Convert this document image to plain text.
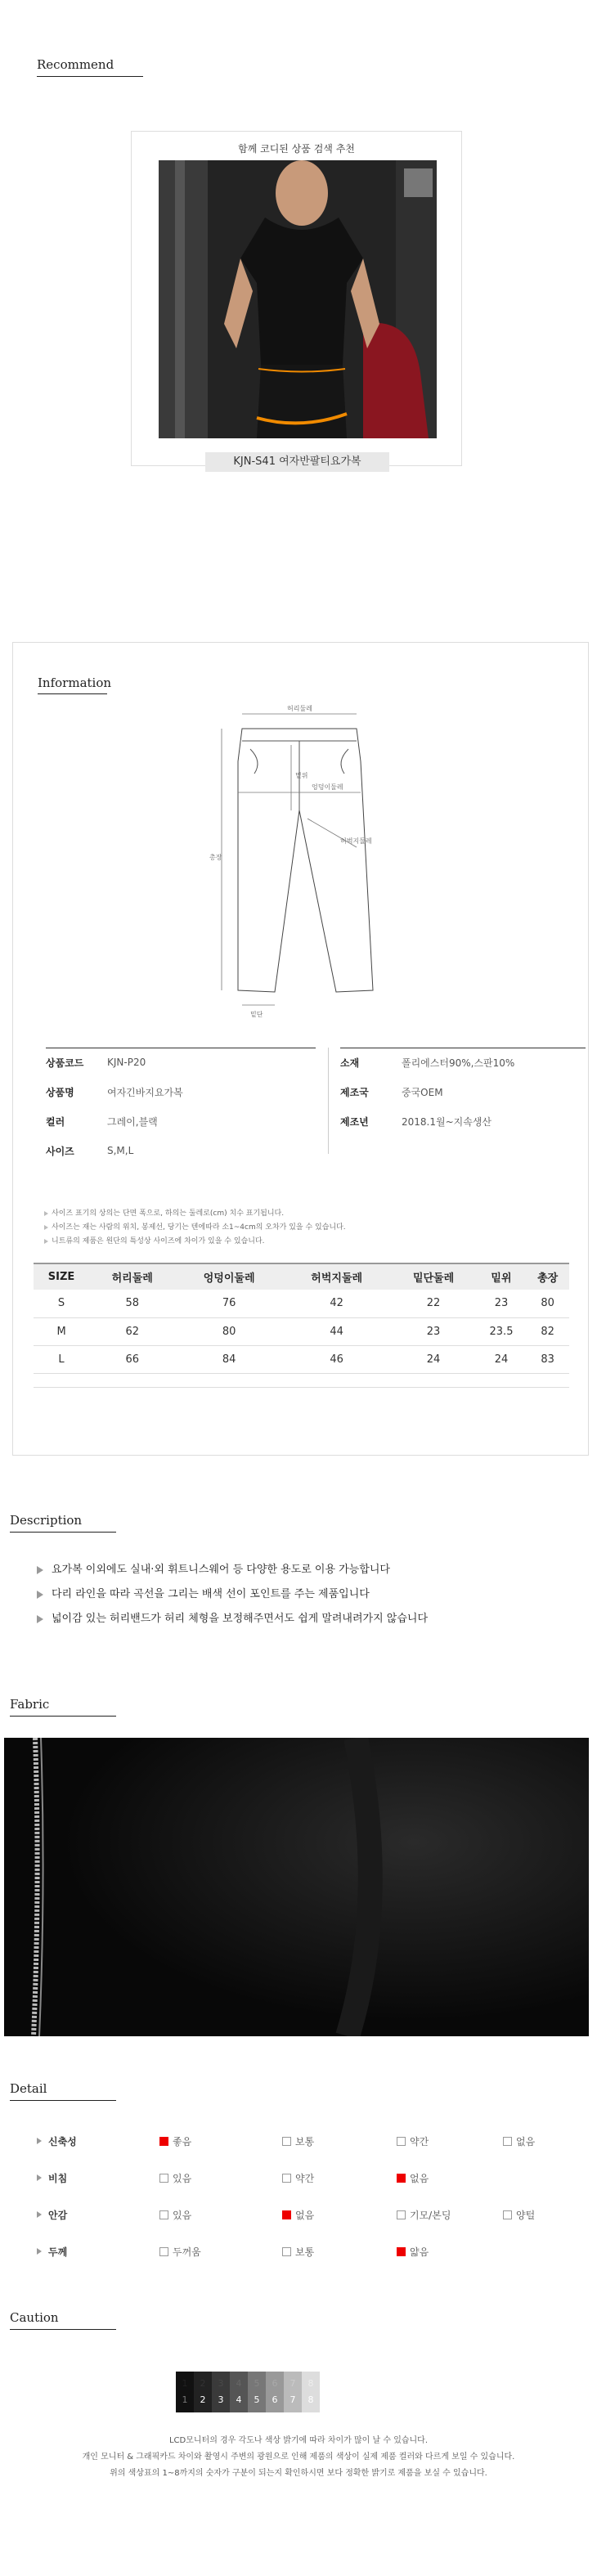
Recommend
함께 코디된 상품 검색 추천
KJN-S41 여자반팔티요가복
Information
허리둘레
총장
밑위
엉덩이둘레
허벅지둘레
밑단
상품코드	KJN-P20
상품명	여자긴바지요가복
컬러	그레이,블랙
사이즈	S,M,L
소재	폴리에스터90%,스판10%
제조국	중국OEM
제조년	2018.1월~지속생산
사이즈 표기의 상의는 단면 폭으로, 하의는 둘레로(cm) 치수 표기됩니다.
사이즈는 재는 사람의 위치, 봉제선, 당기는 텐에따라 소1~4cm의 오차가 있을 수 있습니다.
니트류의 제품은 원단의 특성상 사이즈에 차이가 있을 수 있습니다.
SIZE	허리둘레	엉덩이둘레	허벅지둘레	밑단둘레	밑위	총장
S	58	76	42	22	23	80
M	62	80	44	23	23.5	82
L	66	84	46	24	24	83
Description
요가복 이외에도 실내·외 휘트니스웨어 등 다양한 용도로 이용 가능합니다
다리 라인을 따라 곡선을 그리는 배색 선이 포인트를 주는 제품입니다
넓이감 있는 허리밴드가 허리 체형을 보정해주면서도 쉽게 말려내려가지 않습니다
Fabric
Detail
신축성	좋음	보통	약간	없음
비침	있음	약간	없음
안감	있음	없음	기모/본딩	양털
두께	두꺼움	보통	얇음
Caution
1
1
2
2
3
3
4
4
5
5
6
6
7
7
8
8
LCD모니터의 경우 각도나 색상 밝기에 따라 차이가 많이 날 수 있습니다.
개인 모니터 & 그래픽카드 차이와 촬영시 주변의 광원으로 인해 제품의 색상이 실제 제품 컬러와 다르게 보일 수 있습니다.
위의 색상표의 1~8까지의 숫자가 구분이 되는지 확인하시면 보다 정확한 밝기로 제품을 보실 수 있습니다.
